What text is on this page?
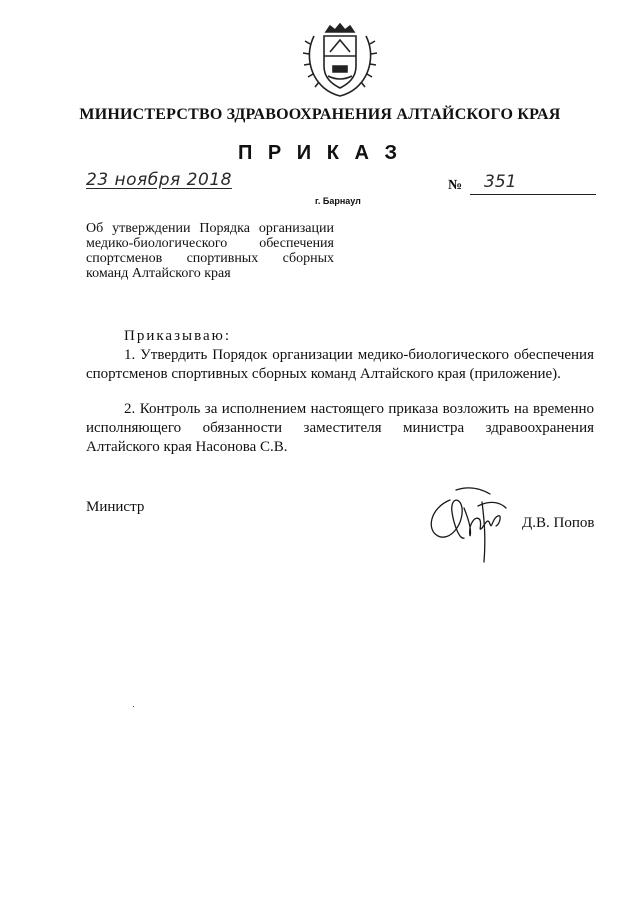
МИНИСТЕРСТВО ЗДРАВООХРАНЕНИЯ АЛТАЙСКОГО КРАЯ
П Р И К А З
23 ноября 2018
г. Барнаул
№ 351
Об утверждении Порядка организации медико-биологического обеспечения спортсменов спортивных сборных команд Алтайского края
Приказываю:
1. Утвердить Порядок организации медико-биологического обеспечения спортсменов спортивных сборных команд Алтайского края (приложение).
2. Контроль за исполнением настоящего приказа возложить на временно исполняющего обязанности заместителя министра здравоохранения Алтайского края Насонова С.В.
Министр
Д.В. Попов
